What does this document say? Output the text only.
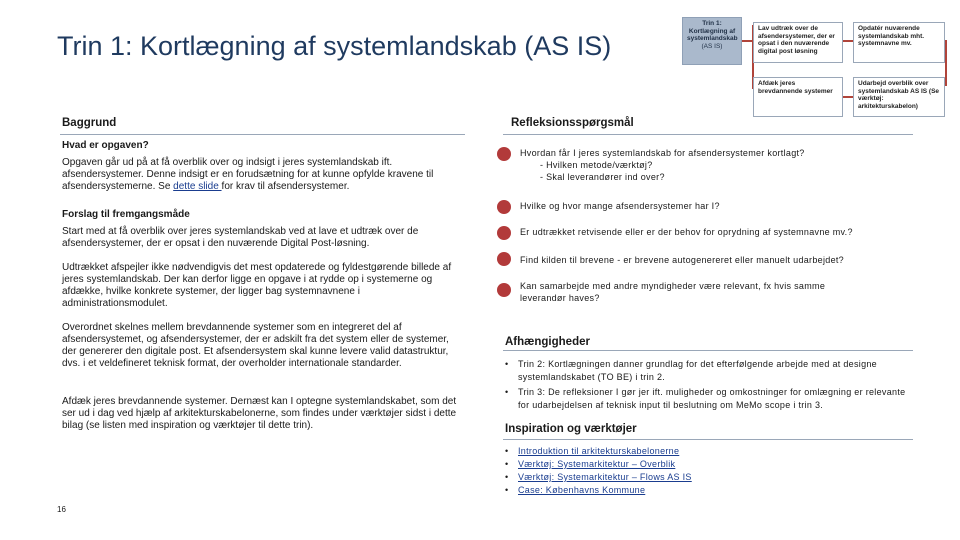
Trin 1: Kortlægning af systemlandskab (AS IS)
Trin 1: Kortlægning af systemlandskab
(AS IS)
Lav udtræk over de afsendersystemer, der er opsat i den nuværende digital post løsning
Opdatér nuværende systemlandskab mht. systemnavne mv.
Afdæk jeres brevdannende systemer
Udarbejd overblik over systemlandskab AS IS (Se værktøj: arkitekturskabelon)
Baggrund
Hvad er opgaven?
Opgaven går ud på at få overblik over og indsigt i jeres systemlandskab ift. afsendersystemer. Denne indsigt er en forudsætning for at kunne opfylde kravene til afsendersystemerne. Se dette slide for krav til afsendersystemer.
Forslag til fremgangsmåde
Start med at få overblik over jeres systemlandskab ved at lave et udtræk over de afsendersystemer, der er opsat i den nuværende Digital Post-løsning.
Udtrækket afspejler ikke nødvendigvis det mest opdaterede og fyldestgørende billede af jeres systemlandskab. Der kan derfor ligge en opgave i at rydde op i systemerne og afdække, hvilke konkrete systemer, der ligger bag systemnavnene i administrationsmodulet.
Overordnet skelnes mellem brevdannende systemer som en integreret del af afsendersystemet, og afsendersystemer, der er adskilt fra det system eller de systemer, der genererer den digitale post. Et afsendersystem skal kunne levere valid datastruktur, dvs. i et veldefineret teknisk format, der overholder internationale standarder.
Afdæk jeres brevdannende systemer. Dernæst kan I optegne systemlandskabet, som det ser ud i dag ved hjælp af arkitekturskabelonerne, som findes under værktøjer sidst i dette bilag (se listen med inspiration og værktøjer til dette trin).
16
Refleksionsspørgsmål
Hvordan får I jeres systemlandskab for afsendersystemer kortlagt?
- Hvilken metode/værktøj?
- Skal leverandører ind over?
Hvilke og hvor mange afsendersystemer har I?
Er udtrækket retvisende eller er der behov for oprydning af systemnavne mv.?
Find kilden til brevene - er brevene autogenereret eller manuelt udarbejdet?
Kan samarbejde med andre myndigheder være relevant, fx hvis samme leverandør haves?
Afhængigheder
• Trin 2: Kortlægningen danner grundlag for det efterfølgende arbejde med at designe systemlandskabet (TO BE) i trin 2.
• Trin 3: De refleksioner I gør jer ift. muligheder og omkostninger for omlægning er relevante for udarbejdelsen af teknisk input til beslutning om MeMo scope i trin 3.
Inspiration og værktøjer
• Introduktion til arkitekturskabelonerne
• Værktøj: Systemarkitektur – Overblik
• Værktøj: Systemarkitektur – Flows AS IS
• Case: Københavns Kommune
